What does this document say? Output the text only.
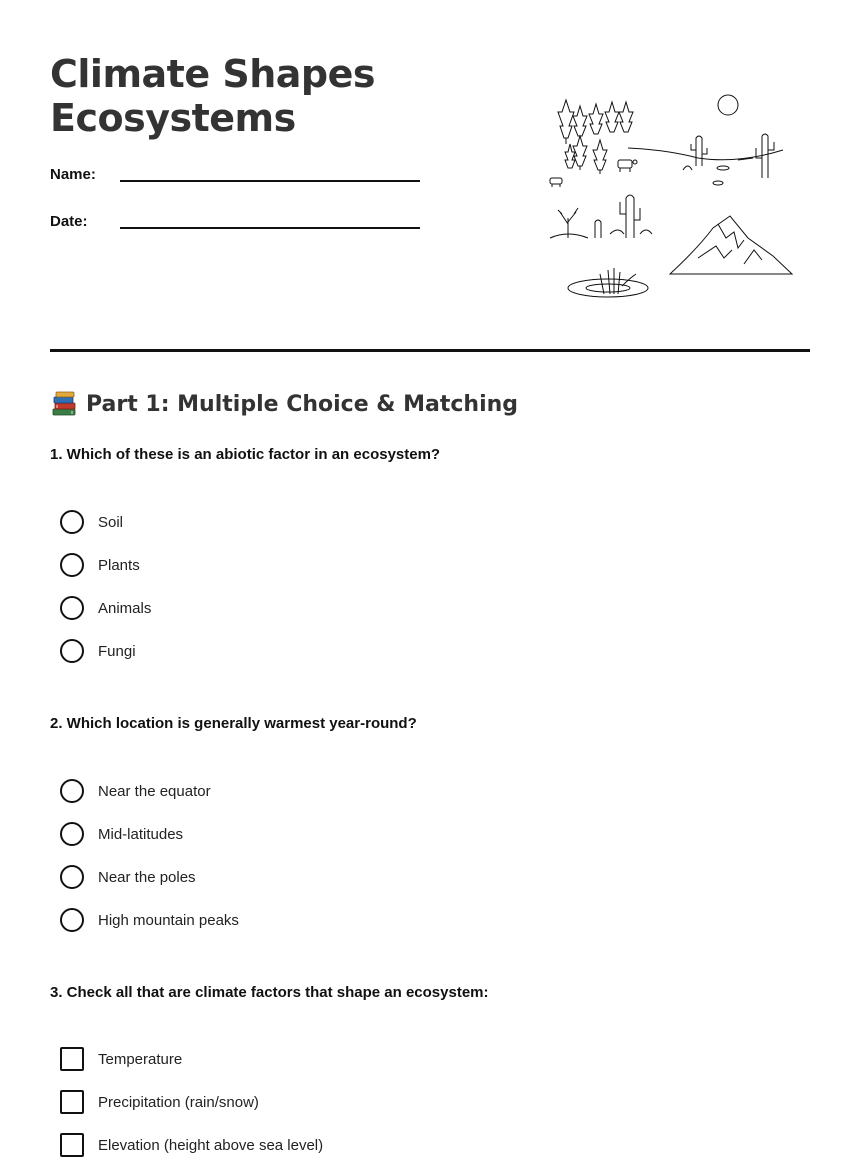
Climate Shapes Ecosystems
Name:
Date:
Part 1: Multiple Choice & Matching
1. Which of these is an abiotic factor in an ecosystem?
Soil
Plants
Animals
Fungi
2. Which location is generally warmest year-round?
Near the equator
Mid-latitudes
Near the poles
High mountain peaks
3. Check all that are climate factors that shape an ecosystem:
Temperature
Precipitation (rain/snow)
Elevation (height above sea level)
